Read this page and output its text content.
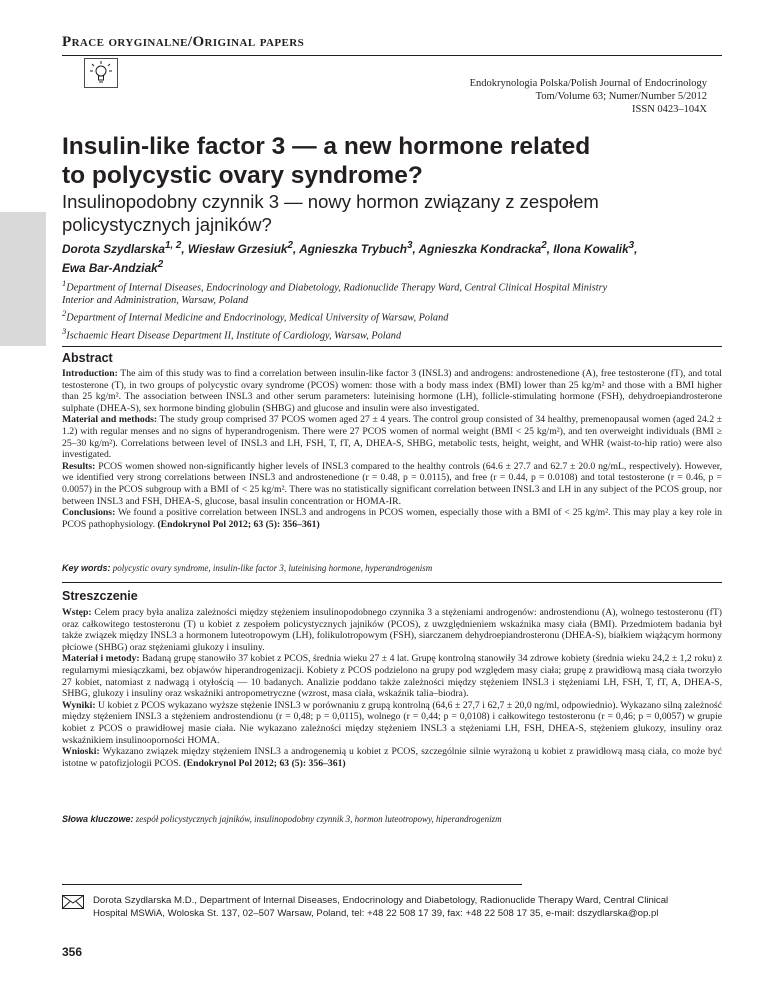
Prace oryginalne/Original papers
Endokrynologia Polska/Polish Journal of Endocrinology
Tom/Volume 63; Numer/Number 5/2012
ISSN 0423–104X
Insulin-like factor 3 — a new hormone related
to polycystic ovary syndrome?
Insulinopodobny czynnik 3 — nowy hormon związany z zespołem
policystycznych jajników?
Dorota Szydlarska$^{1, 2}$, Wiesław Grzesiuk$^2$, Agnieszka Trybuch$^3$, Agnieszka Kondracka$^2$, Ilona Kowalik$^3$,
Ewa Bar-Andziak$^2$
$^1$Department of Internal Diseases, Endocrinology and Diabetology, Radionuclide Therapy Ward, Central Clinical Hospital Ministry
Interior and Administration, Warsaw, Poland
$^2$Department of Internal Medicine and Endocrinology, Medical University of Warsaw, Poland
$^3$Ischaemic Heart Disease Department II, Institute of Cardiology, Warsaw, Poland
Abstract
Introduction: The aim of this study was to find a correlation between insulin-like factor 3 (INSL3) and androgens: androstenedione (A), free testosterone (fT), and total testosterone (T), in two groups of polycystic ovary syndrome (PCOS) women: those with a body mass index (BMI) lower than 25 kg/m² and those with a BMI higher than 25 kg/m². The association between INSL3 and other serum parameters: luteinising hormone (LH), follicle-stimulating hormone (FSH), dehydroepiandrosterone sulphate (DHEA-S), sex hormone binding globulin (SHBG) and glucose and insulin were also investigated.
Material and methods: The study group comprised 37 PCOS women aged 27 ± 4 years. The control group consisted of 34 healthy, premenopausal women (aged 24.2 ± 1.2) with regular menses and no signs of hyperandrogenism. There were 27 PCOS women of normal weight (BMI < 25 kg/m²), and ten overweight individuals (BMI ≥ 25–30 kg/m²). Correlations between level of INSL3 and LH, FSH, T, fT, A, DHEA-S, SHBG, metabolic tests, height, weight, and WHR (waist-to-hip ratio) were also investigated.
Results: PCOS women showed non-significantly higher levels of INSL3 compared to the healthy controls (64.6 ± 27.7 and 62.7 ± 20.0 ng/mL, respectively). However, we identified very strong correlations between INSL3 and androstenedione (r = 0.48, p = 0.0115), and free (r = 0.44, p = 0.0108) and total testosterone (r = 0.46, p = 0.0057) in the PCOS subgroup with a BMI of < 25 kg/m². There was no statistically significant correlation between INSL3 and LH in any subject of the PCOS group, nor between INSL3 and FSH, DHEA-S, glucose, basal insulin concentration or HOMA-IR.
Conclusions: We found a positive correlation between INSL3 and androgens in PCOS women, especially those with a BMI of < 25 kg/m². This may play a key role in PCOS pathophysiology. (Endokrynol Pol 2012; 63 (5): 356–361)
Key words: polycystic ovary syndrome, insulin-like factor 3, luteinising hormone, hyperandrogenism
Streszczenie
Wstęp: Celem pracy była analiza zależności między stężeniem insulinopodobnego czynnika 3 a stężeniami androgenów: androstendionu (A), wolnego testosteronu (fT) oraz całkowitego testosteronu (T) u kobiet z zespołem policystycznych jajników (PCOS), z uwzględnieniem wskaźnika masy ciała (BMI). Przedmiotem badania był także związek między INSL3 a hormonem luteotropowym (LH), folikulotropowym (FSH), siarczanem dehydroepiandrosteronu (DHEA-S), białkiem wiążącym hormony płciowe (SHBG) oraz stężeniami glukozy i insuliny.
Materiał i metody: Badaną grupę stanowiło 37 kobiet z PCOS, średnia wieku 27 ± 4 lat. Grupę kontrolną stanowiły 34 zdrowe kobiety (średnia wieku 24,2 ± 1,2 roku) z regularnymi miesiączkami, bez objawów hiperandrogenizacji. Kobiety z PCOS podzielono na grupy pod względem masy ciała; grupę z prawidłową masą ciała tworzyło 27 kobiet, natomiast z nadwagą i otyłością — 10 badanych. Analizie poddano także zależności między stężeniem INSL3 i stężeniami LH, FSH, T, fT, A, DHEA-S, SHBG, glukozy i insuliny oraz wskaźniki antropometryczne (wzrost, masa ciała, wskaźnik talia–biodra).
Wyniki: U kobiet z PCOS wykazano wyższe stężenie INSL3 w porównaniu z grupą kontrolną (64,6 ± 27,7 i 62,7 ± 20,0 ng/ml, odpowiednio). Wykazano silną zależność między stężeniem INSL3 a stężeniem androstendionu (r = 0,48; p = 0,0115), wolnego (r = 0,44; p = 0,0108) i całkowitego testosteronu (r = 0,46; p = 0,0057) w grupie kobiet z PCOS o prawidłowej masie ciała. Nie wykazano zależności między stężeniem INSL3 a stężeniami LH, FSH, DHEA-S, stężeniem glukozy, insuliny oraz wskaźnikiem insulinooporności HOMA.
Wnioski: Wykazano związek między stężeniem INSL3 a androgenemią u kobiet z PCOS, szczególnie silnie wyrażoną u kobiet z prawidłową masą ciała, co może być istotne w patofizjologii PCOS. (Endokrynol Pol 2012; 63 (5): 356–361)
Słowa kluczowe: zespół policystycznych jajników, insulinopodobny czynnik 3, hormon luteotropowy, hiperandrogenizm
Dorota Szydlarska M.D., Department of Internal Diseases, Endocrinology and Diabetology, Radionuclide Therapy Ward, Central Clinical
Hospital MSWiA, Woloska St. 137, 02–507 Warsaw, Poland, tel: +48 22 508 17 39, fax: +48 22 508 17 35, e-mail: dszydlarska@op.pl
356
